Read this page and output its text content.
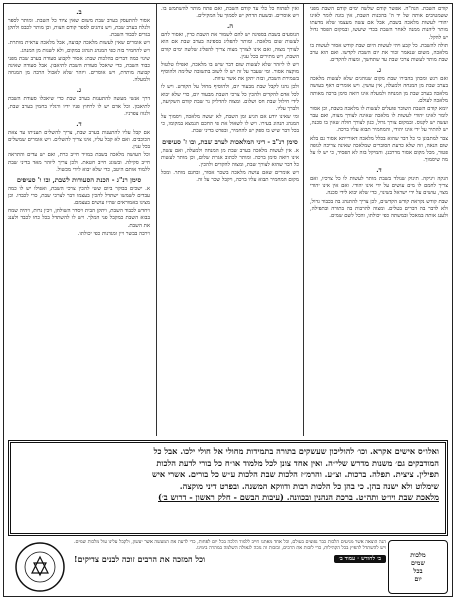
קודם השבת. הגה"ה. אפשר קודם שלשה ימים קודם השבת מפני ששמטיבים אותה של יד ה' בהכנות השבת, אין בונה לומר לאינו יהודי לעשות מלאכה בשבת, אבל אם עשה מעצמו שלא מדעתו מותר ליהנות ממנה לאחר השבת בכדי שיעשו, ובמקום הפסד גדול יש להקל.
תולה להשבת. כל קבע ויהי לעשות היום שבת קודש אסור לעשות בו מלאכה, משום שנאמר זכור את יום השבת לקדשו. ואם הוא ערב שבת מותר לעשות צרכי שבת עד שתחשך, ומצוה להקדים.
ג.
ואם רגש ומכהן בהבירו שבת מקום שנוהגים שלא לעשות מלאכה בערב שבת מן המנחה ולמעלה, אין עושין. ויש אומרים דאף בעושה מלאכה בערב שבת מן המנחה ולמעלה אינו רואה סימן ברכה מאותה מלאכה לעולם.
יומא קודם השבת השוכר פועלים לעשות לו מלאכה בשבת, וכן אסור לומר לאינו יהודי לעשות לו מלאכה שאינה לצורך מצוה, ואם עבר ועשה יש לקנוס. ובמקום צורך גדול, כגון לצורך חולה שאין בו סכנה, יש להתיר על ידי אינו יהודי, והמחמיר תבוא עליו ברכה.
צבר למתבונן כי כל דבר שהוא בכלל מלאכה דאורייתא אסור גם בלא שום הנאה, וזה שלא כדעת הסוברים שמלאכה שאינה צריכה לגופה פטור, מכל מקום אסור מדרבנן. והמיקל בזה לא הפסיד, כי יש לו על מה שיסמוך.
ד.
הנקה ויניקה. תינוק שנולד בשבת מותר לעשות לו כל צרכיו, ואם צריך לחמם לו מים עושים על ידי אינו יהודי. ואם אין אינו יהודי מצוי, עושים על ידי ישראל בשינוי, כדי שלא יבוא לידי סכנה.
שבת קודש נקראת קודש הקדשים, לכן צריך להתנהג בה בכבוד גדול, ולא לדבר בה דברים בטלים. ומצוה להרבות בה בתורה ובתפילה, ולענג אותה במאכל ובמשתה כפי יכולתו, והכל לשם שמים.
ואין לפתוח כל כלי עד קודם השבת, ואם פתח מותר להשתמש בו. ויש אוסרים. ובשעת הדחק יש לסמוך על המקילים.
ה.
הנוסעים בשבת בספינה יש להם לשמור את השבת כדין, ואסור להם לעשות שום מלאכה. ומותר להפליג בספינה בערב שבת אם הוא לצורך מצוה, ואם אינו לצורך מצוה צריך להפליג שלשה ימים קודם השבת, ויש מתירים בכל ענין.
ויש לו ליזהר שלא לעשות שום דבר שיש בו מלאכה, ואפילו טלטול מוקצה אסור. ומי שעבר על זה יש לו לשוב בתשובה שלימה ולהוסיף בשמירת השבת, ובזה יתקן את אשר עיוות.
ולכן נהגו לקבל שבת מבעוד יום, ולהוסיף מחול על הקודש. ויש לו לכל אדם להקדים ולהכין כל צרכי השבת מבעוד יום, כדי שלא יבוא לידי חילול שבת חס ושלום. ומצוה להדליק נר שבת קודם השקיעה, ולברך עליו.
ומי שאינו יודע אם הגיע זמן השבת, לא יעשה מלאכה, ויסמוך על המנהג הנהוג בעירו. ויש לו לשאול את פי החכם הנמצא במקומו, כי בכל דבר שיש בו ספק יש להחמיר, ובפרט בדיני שבת.
סימן רנ"ב - דיני המלאכות לערב שבת, ובו ז' סעיפים
א. אין לעשות מלאכה בערב שבת מן המנחה ולמעלה, ואם עשה, אינו רואה סימן ברכה. ומותר לכתוב אגרת שלום, וכן מותר לעשות כל דבר שהוא לצורך שבת, ומצוה להקדים ולהכין.
ויש אומרים שאם עושה מלאכה בשכר אסור, ובחנם מותר. ומכל מקום המחמיר תבוא עליו ברכה, ויקבל שכר על זה.
ב.
אסור להתעסק בערב שבת משום שאין ציוד כל השבת. ומותר לספר ולגלח בערב שבת, ויש נוהגים לספר קודם חצות, וכן מותר לכבס ולתקן בגדים לכבוד השבת.
ויש אומרים שאין לעשות מלאכה קבועה, אבל מלאכה עראית מותרת. ויש להחמיר בזה כפי המנהג הנהוג במקום, ולא לשנות מן המנהג.
שינוי כמה דברים בהלכות שבת: אסור לקבוע סעודה בערב שבת מפני כבוד השבת, כדי שיאכל סעודת השבת לתיאבון. אבל סעודה שאינה קבועה מותרת, ויש אוסרים. ויזהר שלא לאכול הרבה מן המנחה ולמעלה.
ג.
דרך אנשי מעשה להתענות בערב שבת כדי שיאכלו סעודת השבת לתיאבון. וכל אדם יש לו לרחוץ פניו ידיו ורגליו בחמין בערב שבת, ולגזוז צפרניו.
ד.
אם קבל עליו להתענות בערב שבת, צריך להשלים תעניתו עד צאת הכוכבים. ואם לא קבל עליו, אינו צריך להשלים. ויש אומרים שמשלים בכל ענין.
וכל העושה מלאכה בשבת במזיד חייב כרת, ואם יש עדים והתראה חייב סקילה. ובשוגג חייב חטאת. ולכן צריך ליזהר מאד בדיני שבת ללמוד אותם היטב, כדי שלא יבוא לידי מכשול.
סימן רנ"ג - הכנת הסעודות לשבת, ובו ו' סעיפים
א. ישכים בבוקר ביום ששי להכין צרכי השבת, ואפילו יש לו כמה עבדים לשמשו ישתדל להכין בעצמו דבר לצרכי שבת, כדי לכבדו. וכן מצינו באמוראים שהיו עושים בעצמם.
ויחדש לכבוד השבת, ויתקן הבית ויסדר השולחן, ויכין נרות, ויהיה שמח בבוא השבת כמקבל פני המלך. ויש לו להשתדל בכל כחו לכבד ולענג את השבת.
וירבה בבשר ויין ומגדנות כפי יכולתו.
ואלו״ס אישים אקרא. וכו׳ להוליכון שעשקים בתורה בתמידות מחולי אל חולי ילכו. אבל כל
המודבקים גם׳ משנות מדרש שלי״ה. ואין אחד צונן לכל מלמוד או״ח כל בורי לדעת הלכות
תפילין. ציצית. תפלה. ברכות. וצ״ע. והרמ״ז הלכות שבת הלכות ע״ש כל בורים. אשרי איש
שימלוט ולא ישנה בהן. כי בהן כל הלכות רבות ודווקא המשנה. ובפרט דיני מוקצה.
מלאכת שבת ויו״ט ותה״ט. ברכת הנהנין ובכוונה. (עיבות הבשם - חלק ראשון - דרוש ב׳)
מלכות
שמים
בכל
יום
הנה הוצאה אשר מגיעים הלכות כבר נפוצים בעולם, וכל אחד מאתנו חייב ללמוד הלכה בכל יום לפחות, כדי לדעת את המעשה אשר יעשון, ולקבל עלינו עול מלכות שמים. ויש להשתדל להפיץ בכל הקהילות, כדי לזכות את הרבים, ובזכות זה נזכה לגאולה השלמה במהרה בימינו.
ב׳ לחודש · עמוד ב׳
וכל המזכה את הרבים זוכה לבנים צדיקים!
